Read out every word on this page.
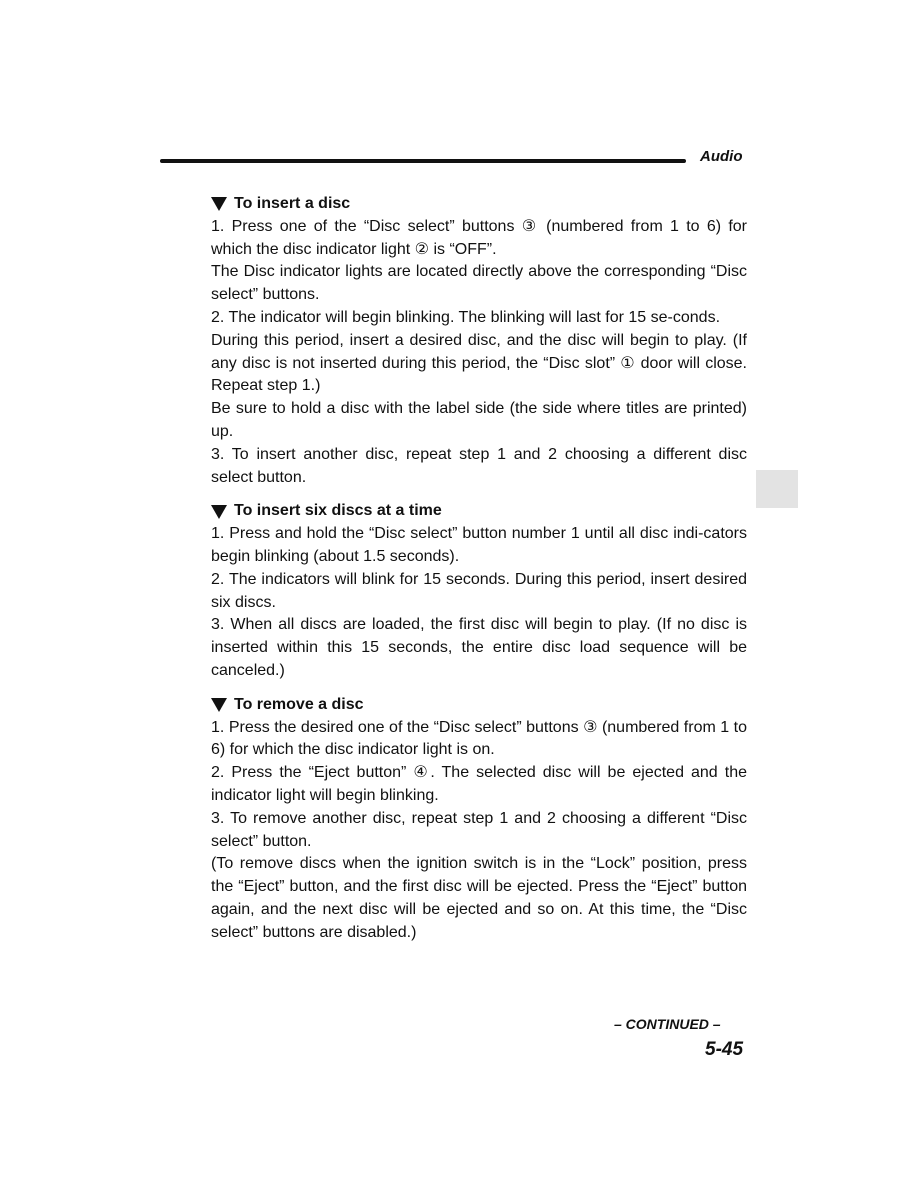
Audio

To insert a disc

1. Press one of the “Disc select” buttons ③ (numbered from 1 to 6) for which the disc indicator light ② is “OFF”.

The Disc indicator lights are located directly above the corresponding “Disc select” buttons.

2. The indicator will begin blinking. The blinking will last for 15 se-conds.

During this period, insert a desired disc, and the disc will begin to play. (If any disc is not inserted during this period, the “Disc slot” ① door will close. Repeat step 1.)

Be sure to hold a disc with the label side (the side where titles are printed) up.

3. To insert another disc, repeat step 1 and 2 choosing a different disc select button.

To insert six discs at a time

1. Press and hold the “Disc select” button number 1 until all disc indi-cators begin blinking (about 1.5 seconds).

2. The indicators will blink for 15 seconds. During this period, insert desired six discs.

3. When all discs are loaded, the first disc will begin to play. (If no disc is inserted within this 15 seconds, the entire disc load sequence will be canceled.)

To remove a disc

1. Press the desired one of the “Disc select” buttons ③ (numbered from 1 to 6) for which the disc indicator light is on.

2. Press the “Eject button” ④. The selected disc will be ejected and the indicator light will begin blinking.

3. To remove another disc, repeat step 1 and 2 choosing a different “Disc select” button.

(To remove discs when the ignition switch is in the “Lock” position, press the “Eject” button, and the first disc will be ejected. Press the “Eject” button again, and the next disc will be ejected and so on. At this time, the “Disc select” buttons are disabled.)

– CONTINUED –
5-45
